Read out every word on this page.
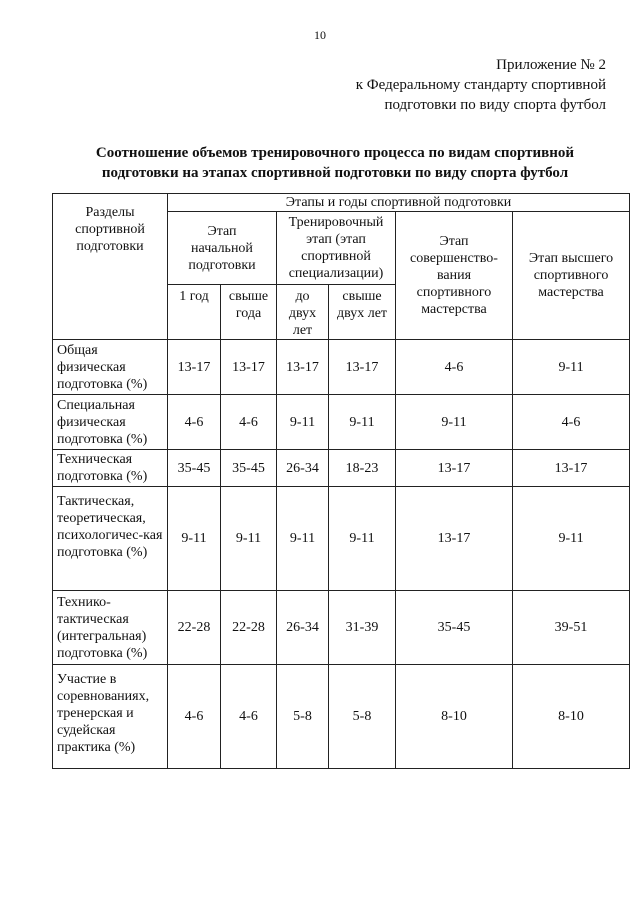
10
Приложение № 2
к Федеральному стандарту спортивной
подготовки по виду спорта футбол
Соотношение объемов тренировочного процесса по видам спортивной
подготовки на этапах спортивной подготовки по виду спорта футбол
Разделы спортивной подготовки	Этапы и годы спортивной подготовки					
	Этап начальной подготовки		Тренировочный этап (этап спортивной специализации)		Этап совершенство-вания спортивного мастерства	Этап высшего спортивного мастерства
	1 год	свыше года	до двух лет	свыше двух лет		
Общая физическая подготовка (%)	13-17	13-17	13-17	13-17	4-6	9-11
Специальная физическая подготовка (%)	4-6	4-6	9-11	9-11	9-11	4-6
Техническая подготовка (%)	35-45	35-45	26-34	18-23	13-17	13-17
Тактическая, теоретическая, психологичес-кая подготовка (%)	9-11	9-11	9-11	9-11	13-17	9-11
Технико-тактическая (интегральная) подготовка (%)	22-28	22-28	26-34	31-39	35-45	39-51
Участие в соревнованиях, тренерская и судейская практика (%)	4-6	4-6	5-8	5-8	8-10	8-10
